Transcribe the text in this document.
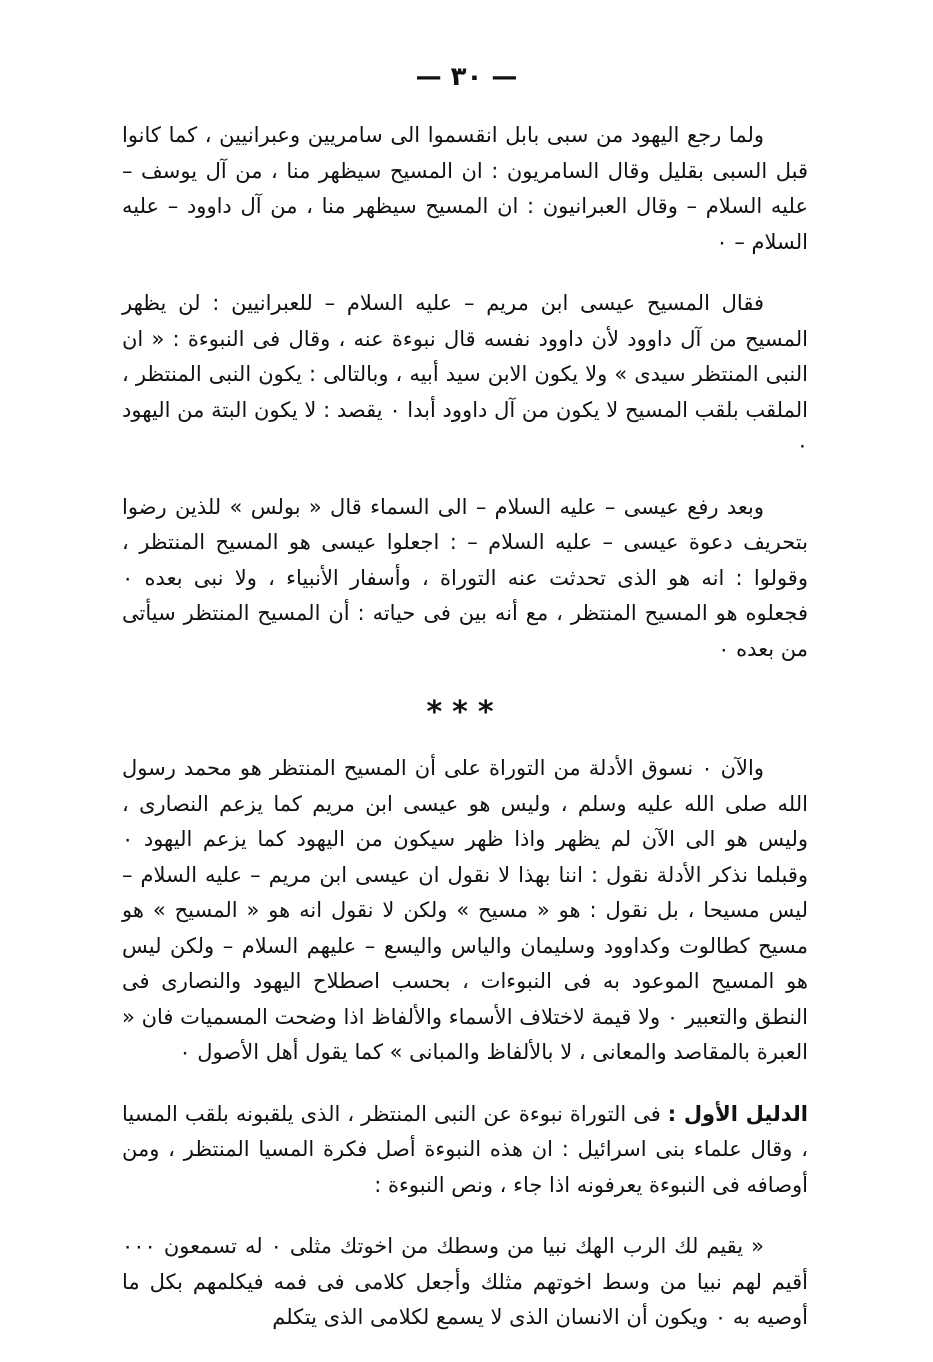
— ٣٠ —

ولما رجع اليهود من سبى بابل انقسموا الى سامريين وعبرانيين ، كما كانوا قبل السبى بقليل وقال السامريون : ان المسيح سيظهر منا ، من آل يوسف – عليه السلام – وقال العبرانيون : ان المسيح سيظهر منا ، من آل داوود – عليه السلام – ٠

فقال المسيح عيسى ابن مريم – عليه السلام – للعبرانيين : لن يظهر المسيح من آل داوود لأن داوود نفسه قال نبوءة عنه ، وقال فى النبوءة : « ان النبى المنتظر سيدى » ولا يكون الابن سيد أبيه ، وبالتالى : يكون النبى المنتظر ، الملقب بلقب المسيح لا يكون من آل داوود أبدا ٠ يقصد : لا يكون البتة من اليهود ٠

وبعد رفع عيسى – عليه السلام – الى السماء قال « بولس » للذين رضوا بتحريف دعوة عيسى – عليه السلام – : اجعلوا عيسى هو المسيح المنتظر ، وقولوا : انه هو الذى تحدثت عنه التوراة ، وأسفار الأنبياء ، ولا نبى بعده ٠ فجعلوه هو المسيح المنتظر ، مع أنه بين فى حياته : أن المسيح المنتظر سيأتى من بعده ٠

***

والآن ٠ نسوق الأدلة من التوراة على أن المسيح المنتظر هو محمد رسول الله صلى الله عليه وسلم ، وليس هو عيسى ابن مريم كما يزعم النصارى ، وليس هو الى الآن لم يظهر واذا ظهر سيكون من اليهود كما يزعم اليهود ٠ وقبلما نذكر الأدلة نقول : اننا بهذا لا نقول ان عيسى ابن مريم – عليه السلام – ليس مسيحا ، بل نقول : هو « مسيح » ولكن لا نقول انه هو « المسيح » هو مسيح كطالوت وكداوود وسليمان والياس واليسع – عليهم السلام – ولكن ليس هو المسيح الموعود به فى النبوءات ، بحسب اصطلاح اليهود والنصارى فى النطق والتعبير ٠ ولا قيمة لاختلاف الأسماء والألفاظ اذا وضحت المسميات فان « العبرة بالمقاصد والمعانى ، لا بالألفاظ والمبانى » كما يقول أهل الأصول ٠

الدليل الأول : فى التوراة نبوءة عن النبى المنتظر ، الذى يلقبونه بلقب المسيا ، وقال علماء بنى اسرائيل : ان هذه النبوءة أصل فكرة المسيا المنتظر ، ومن أوصافه فى النبوءة يعرفونه اذا جاء ، ونص النبوءة :

« يقيم لك الرب الهك نبيا من وسطك من اخوتك مثلى ٠ له تسمعون ٠٠٠ أقيم لهم نبيا من وسط اخوتهم مثلك وأجعل كلامى فى فمه فيكلمهم بكل ما أوصيه به ٠ ويكون أن الانسان الذى لا يسمع لكلامى الذى يتكلم
